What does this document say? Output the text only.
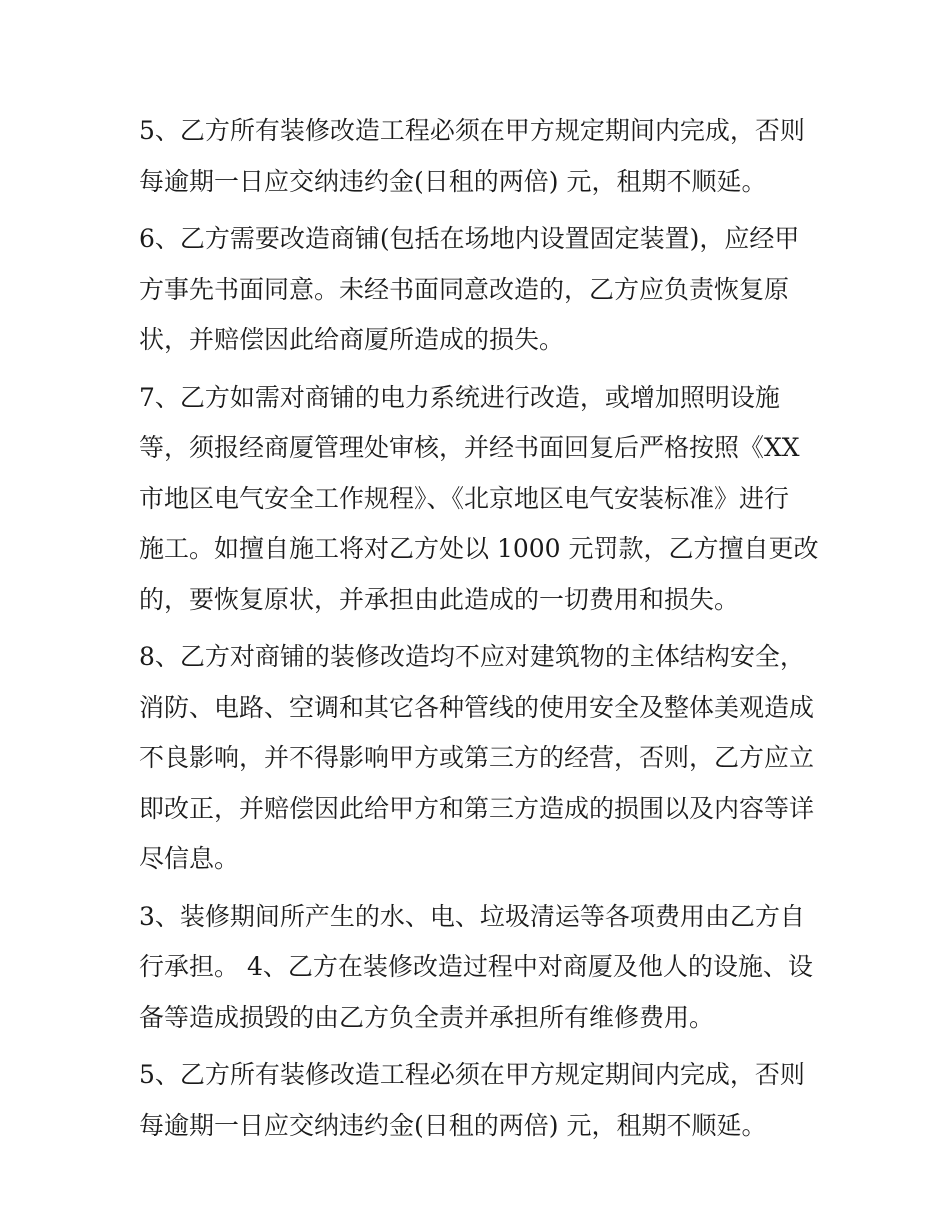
5、乙方所有装修改造工程必须在甲方规定期间内完成，否则
每逾期一日应交纳违约金(日租的两倍) 元，租期不顺延。
6、乙方需要改造商铺(包括在场地内设置固定装置)，应经甲
方事先书面同意。未经书面同意改造的，乙方应负责恢复原
状，并赔偿因此给商厦所造成的损失。
7、乙方如需对商铺的电力系统进行改造，或增加照明设施
等，须报经商厦管理处审核，并经书面回复后严格按照《XX
市地区电气安全工作规程》、《北京地区电气安装标准》进行
施工。如擅自施工将对乙方处以 1000 元罚款，乙方擅自更改
的，要恢复原状，并承担由此造成的一切费用和损失。
8、乙方对商铺的装修改造均不应对建筑物的主体结构安全，
消防、电路、空调和其它各种管线的使用安全及整体美观造成
不良影响，并不得影响甲方或第三方的经营，否则，乙方应立
即改正，并赔偿因此给甲方和第三方造成的损围以及内容等详
尽信息。
3、装修期间所产生的水、电、垃圾清运等各项费用由乙方自
行承担。 4、乙方在装修改造过程中对商厦及他人的设施、设
备等造成损毁的由乙方负全责并承担所有维修费用。
5、乙方所有装修改造工程必须在甲方规定期间内完成，否则
每逾期一日应交纳违约金(日租的两倍) 元，租期不顺延。
